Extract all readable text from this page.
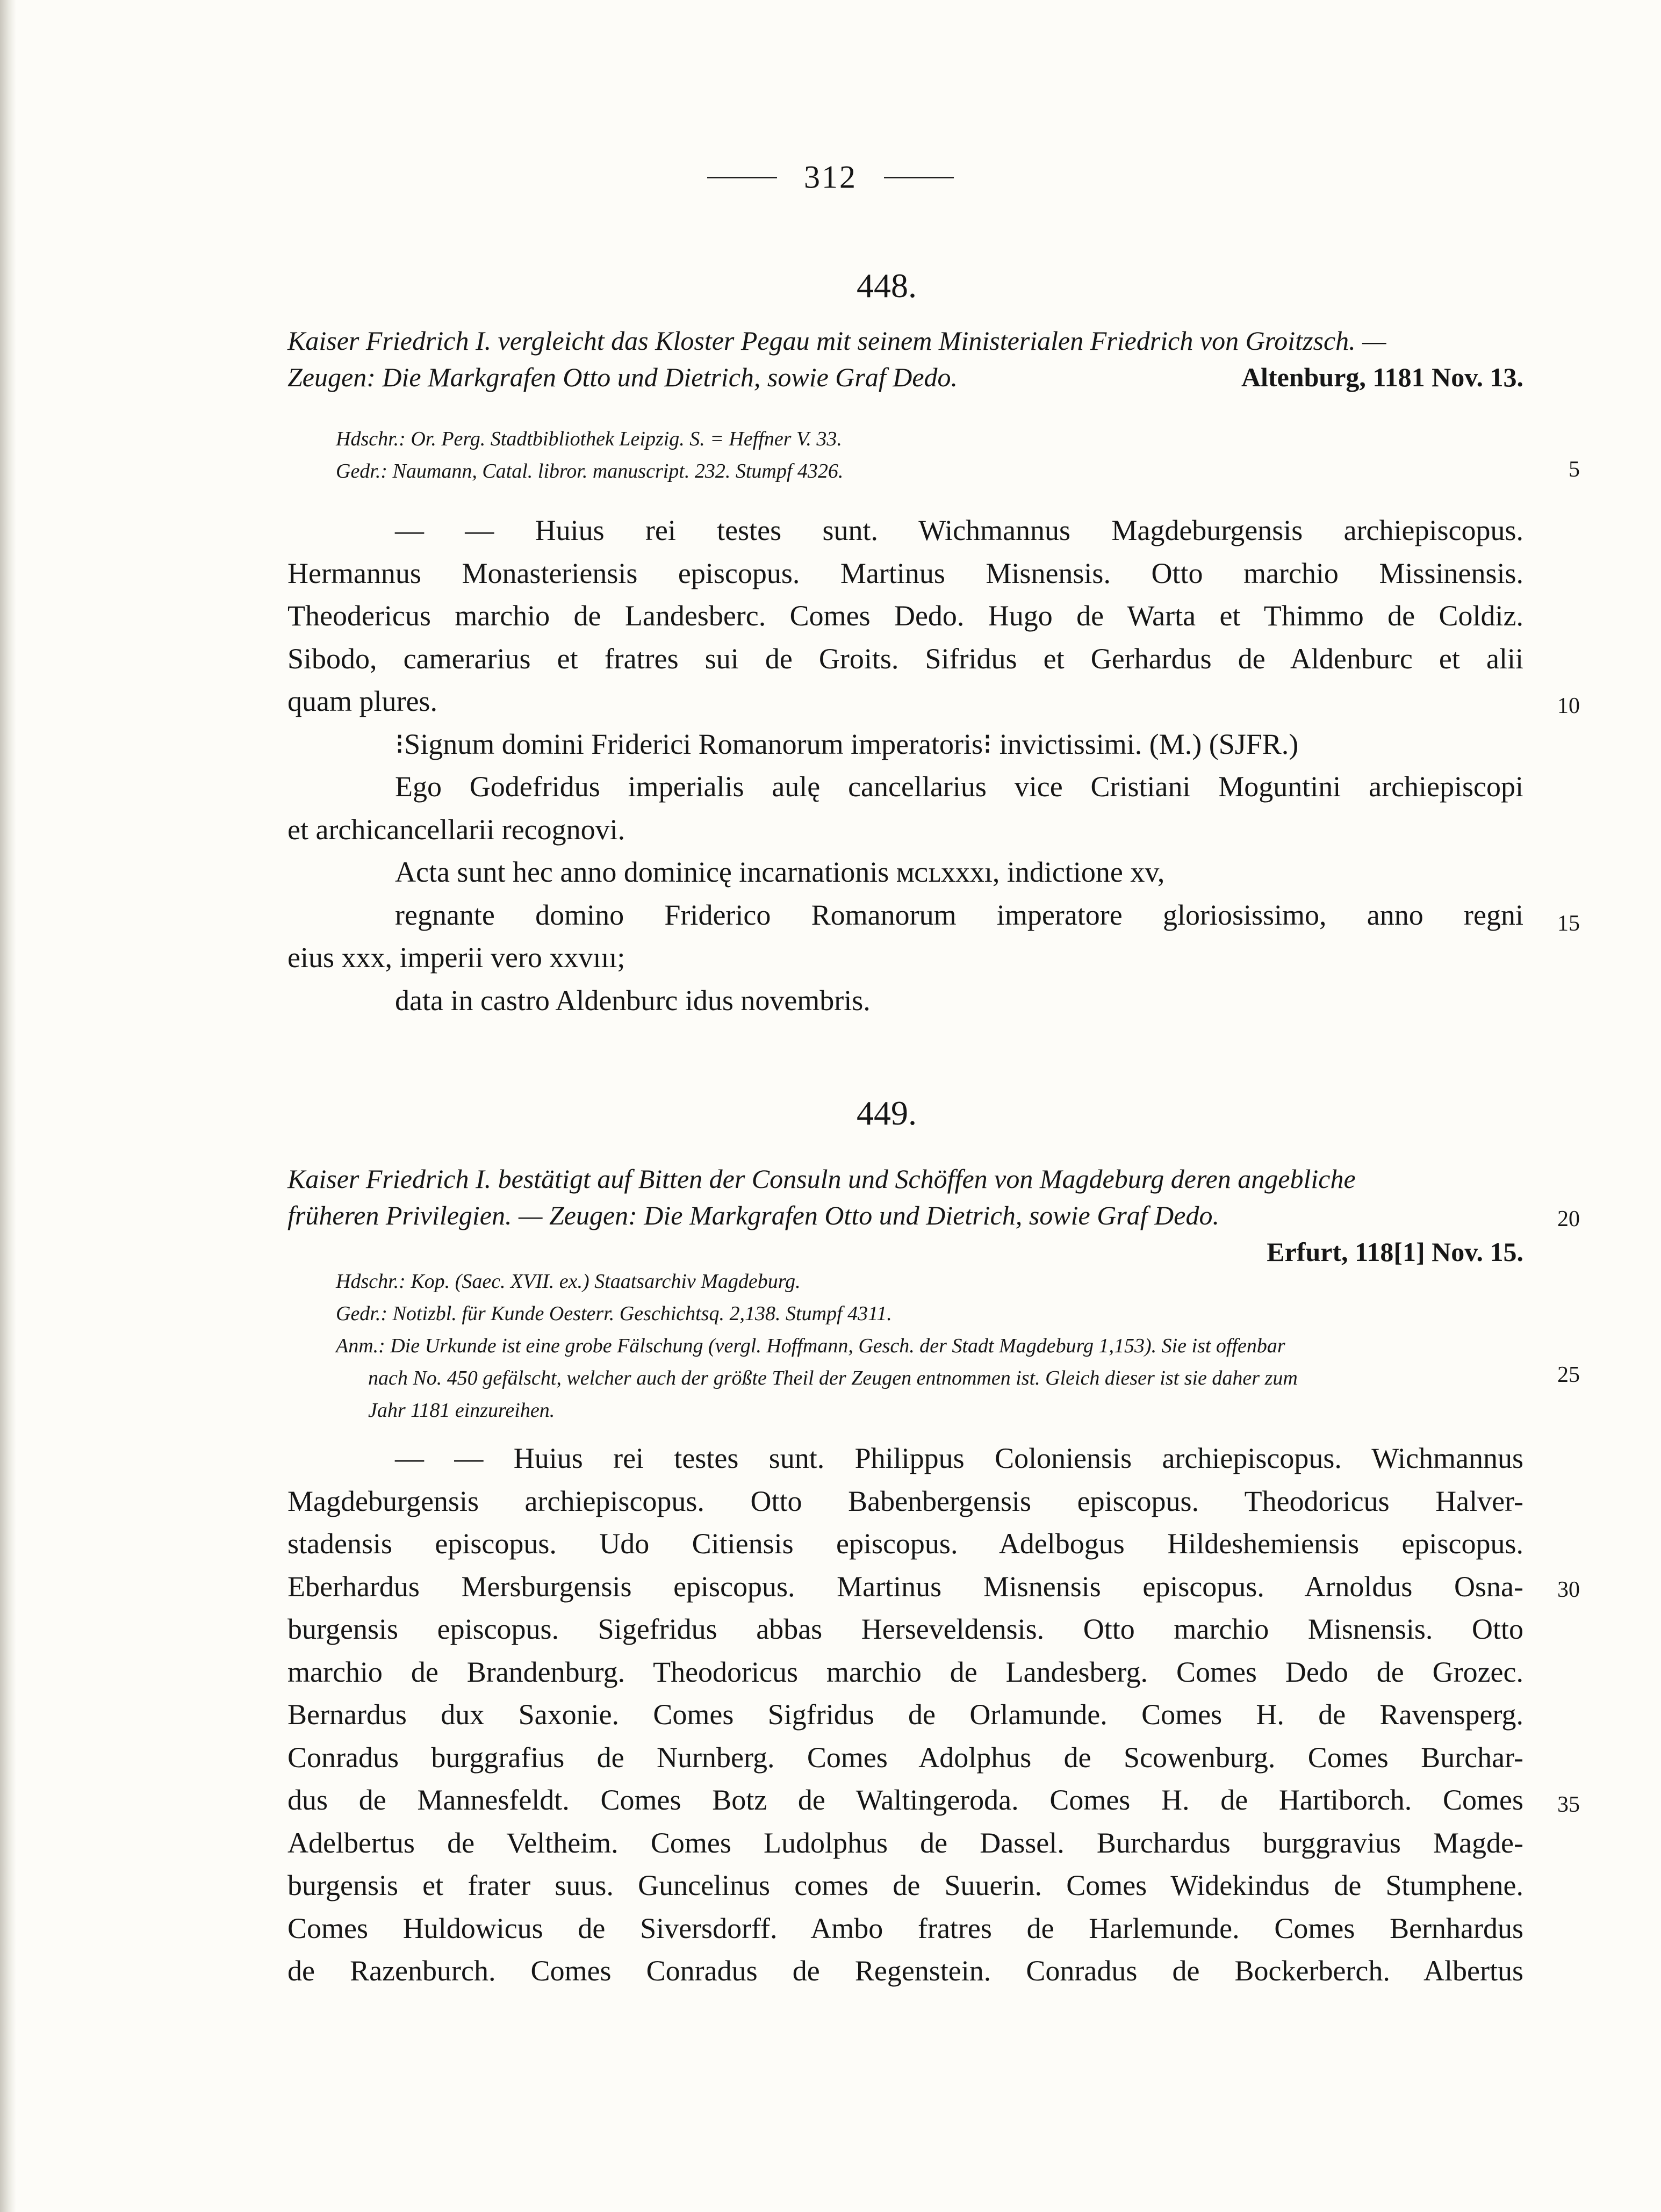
312
448.
Kaiser Friedrich I. vergleicht das Kloster Pegau mit seinem Ministerialen Friedrich von Groitzsch. —
Altenburg, 1181 Nov. 13.
Zeugen: Die Markgrafen Otto und Dietrich, sowie Graf Dedo.
Hdschr.: Or. Perg. Stadtbibliothek Leipzig. S. = Heffner V. 33.
Gedr.: Naumann, Catal. libror. manuscript. 232. Stumpf 4326.
— — Huius rei testes sunt. Wichmannus Magdeburgensis archiepiscopus.
Hermannus Monasteriensis episcopus. Martinus Misnensis. Otto marchio Missinensis.
Theodericus marchio de Landesberc. Comes Dedo. Hugo de Warta et Thimmo de Coldiz.
Sibodo, camerarius et fratres sui de Groits. Sifridus et Gerhardus de Aldenburc et alii
quam plures.
⁝Signum domini Friderici Romanorum imperatoris⁝ invictissimi. (M.) (SJFR.)
Ego Godefridus imperialis aulę cancellarius vice Cristiani Moguntini archiepiscopi
et archicancellarii recognovi.
Acta sunt hec anno dominicę incarnationis ᴍᴄʟxxxı, indictione xv,
regnante domino Friderico Romanorum imperatore gloriosissimo, anno regni
eius xxx, imperii vero xxvııı;
data in castro Aldenburc idus novembris.
449.
Kaiser Friedrich I. bestätigt auf Bitten der Consuln und Schöffen von Magdeburg deren angebliche
früheren Privilegien. — Zeugen: Die Markgrafen Otto und Dietrich, sowie Graf Dedo.
Erfurt, 118[1] Nov. 15.

Hdschr.: Kop. (Saec. XVII. ex.) Staatsarchiv Magdeburg.
Gedr.: Notizbl. für Kunde Oesterr. Geschichtsq. 2,138. Stumpf 4311.
Anm.: Die Urkunde ist eine grobe Fälschung (vergl. Hoffmann, Gesch. der Stadt Magdeburg 1,153). Sie ist offenbar
nach No. 450 gefälscht, welcher auch der größte Theil der Zeugen entnommen ist. Gleich dieser ist sie daher zum
Jahr 1181 einzureihen.
— — Huius rei testes sunt. Philippus Coloniensis archiepiscopus. Wichmannus
Magdeburgensis archiepiscopus. Otto Babenbergensis episcopus. Theodoricus Halver-
stadensis episcopus. Udo Citiensis episcopus. Adelbogus Hildeshemiensis episcopus.
Eberhardus Mersburgensis episcopus. Martinus Misnensis episcopus. Arnoldus Osna-
burgensis episcopus. Sigefridus abbas Herseveldensis. Otto marchio Misnensis. Otto
marchio de Brandenburg. Theodoricus marchio de Landesberg. Comes Dedo de Grozec.
Bernardus dux Saxonie. Comes Sigfridus de Orlamunde. Comes H. de Ravensperg.
Conradus burggrafius de Nurnberg. Comes Adolphus de Scowenburg. Comes Burchar-
dus de Mannesfeldt. Comes Botz de Waltingeroda. Comes H. de Hartiborch. Comes
Adelbertus de Veltheim. Comes Ludolphus de Dassel. Burchardus burggravius Magde-
burgensis et frater suus. Guncelinus comes de Suuerin. Comes Widekindus de Stumphene.
Comes Huldowicus de Siversdorff. Ambo fratres de Harlemunde. Comes Bernhardus
de Razenburch. Comes Conradus de Regenstein. Conradus de Bockerberch. Albertus
5
10
15
20
25
30
35
